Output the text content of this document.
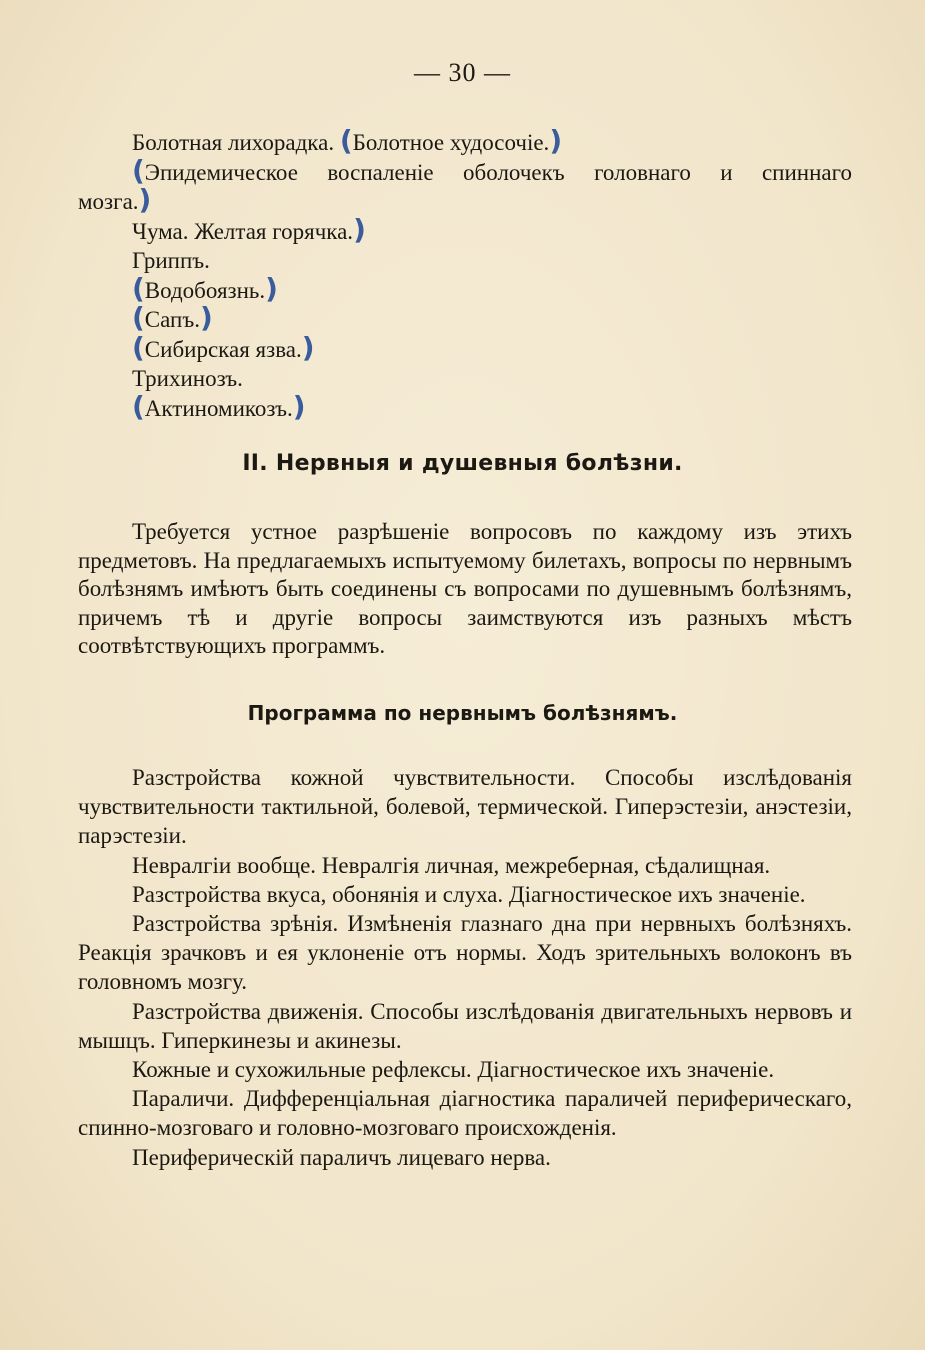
— 30 —
Болотная лихорадка. (Болотное худосочіе.)
(Эпидемическое воспаленіе оболочекъ головнаго и спиннаго
мозга.)
Чума. Желтая горячка.)
Гриппъ.
(Водобоязнь.)
(Сапъ.)
(Сибирская язва.)
Трихинозъ.
(Актиномикозъ.)
II. Нервныя и душевныя болѣзни.

Требуется устное разрѣшеніе вопросовъ по каждому изъ этихъ предметовъ. На предлагаемыхъ испытуемому билетахъ, вопросы по нервнымъ болѣзнямъ имѣютъ быть соединены съ вопросами по душевнымъ болѣзнямъ, причемъ тѣ и другіе вопросы заимствуются изъ разныхъ мѣстъ соотвѣтствующихъ программъ.

Программа по нервнымъ болѣзнямъ.

Разстройства кожной чувствительности. Способы изслѣдованія чувствительности тактильной, болевой, термической. Гиперэстезіи, анэстезіи, парэстезіи.

Невралгіи вообще. Невралгія личная, межреберная, сѣдалищная.

Разстройства вкуса, обонянія и слуха. Діагностическое ихъ значеніе.

Разстройства зрѣнія. Измѣненія глазнаго дна при нервныхъ болѣзняхъ. Реакція зрачковъ и ея уклоненіе отъ нормы. Ходъ зрительныхъ волоконъ въ головномъ мозгу.

Разстройства движенія. Способы изслѣдованія двигательныхъ нервовъ и мышцъ. Гиперкинезы и акинезы.

Кожные и сухожильные рефлексы. Діагностическое ихъ значеніе.

Параличи. Дифференціальная діагностика параличей периферическаго, спинно-мозговаго и головно-мозговаго происхожденія.

Периферическій параличъ лицеваго нерва.
